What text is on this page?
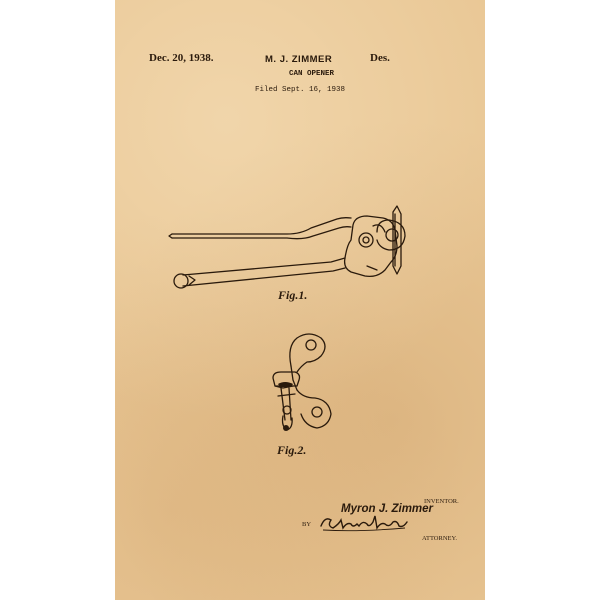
Dec. 20, 1938.	M. J. ZIMMER	Des.
CAN OPENER
Filed Sept. 16, 1938
Fig.1.
Fig.2.
INVENTOR.
Myron J. Zimmer
BY
ATTORNEY.
